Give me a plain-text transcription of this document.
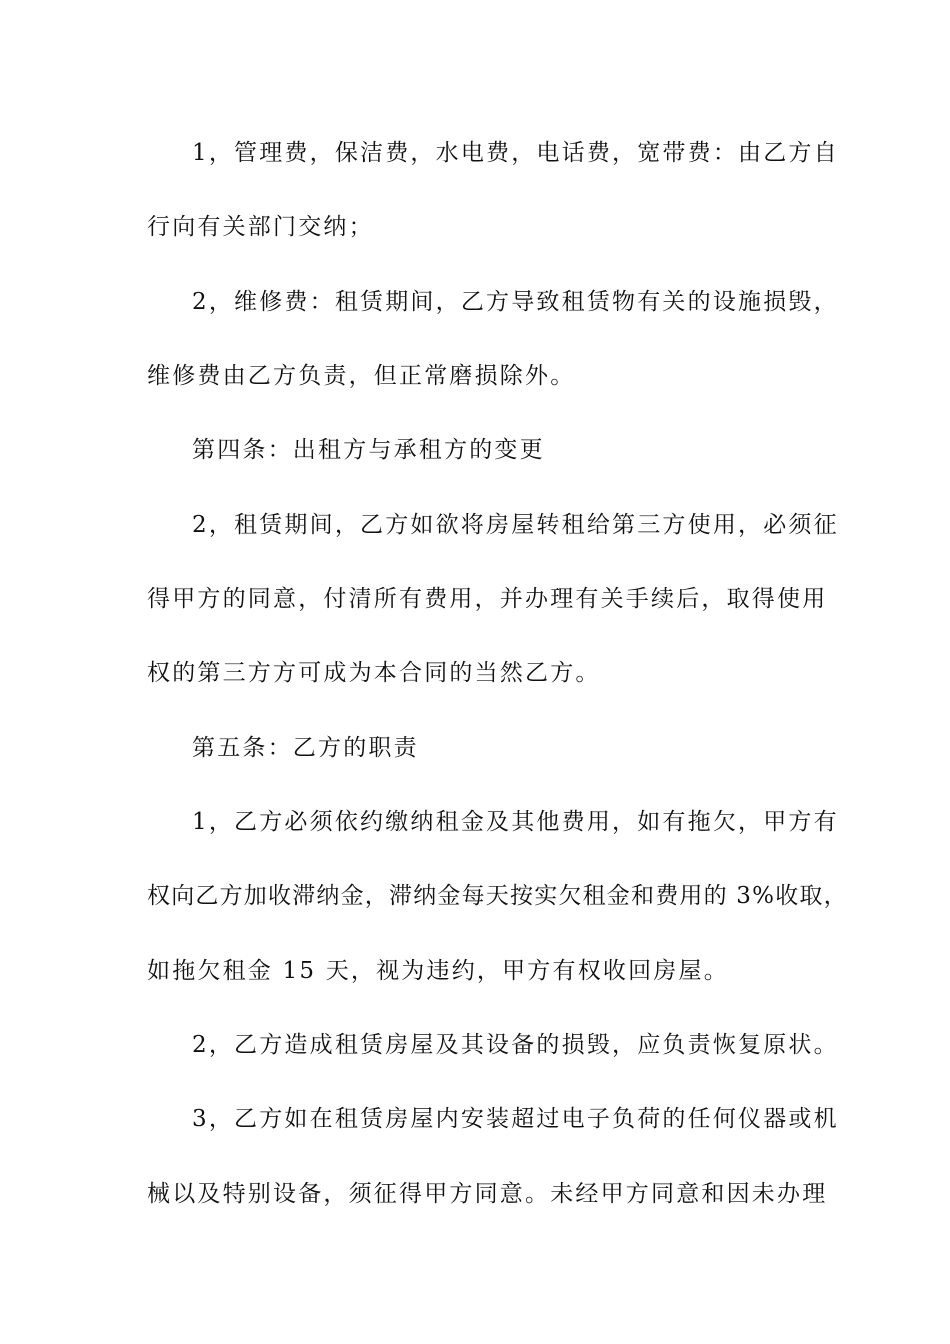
1，管理费，保洁费，水电费，电话费，宽带费：由乙方自
行向有关部门交纳；
2，维修费：租赁期间，乙方导致租赁物有关的设施损毁，
维修费由乙方负责，但正常磨损除外。
第四条：出租方与承租方的变更
2，租赁期间，乙方如欲将房屋转租给第三方使用，必须征
得甲方的同意，付清所有费用，并办理有关手续后，取得使用
权的第三方方可成为本合同的当然乙方。
第五条：乙方的职责
1，乙方必须依约缴纳租金及其他费用，如有拖欠，甲方有
权向乙方加收滞纳金，滞纳金每天按实欠租金和费用的 3%收取，
如拖欠租金 15 天，视为违约，甲方有权收回房屋。
2，乙方造成租赁房屋及其设备的损毁，应负责恢复原状。
3，乙方如在租赁房屋内安装超过电子负荷的任何仪器或机
械以及特别设备，须征得甲方同意。未经甲方同意和因未办理
